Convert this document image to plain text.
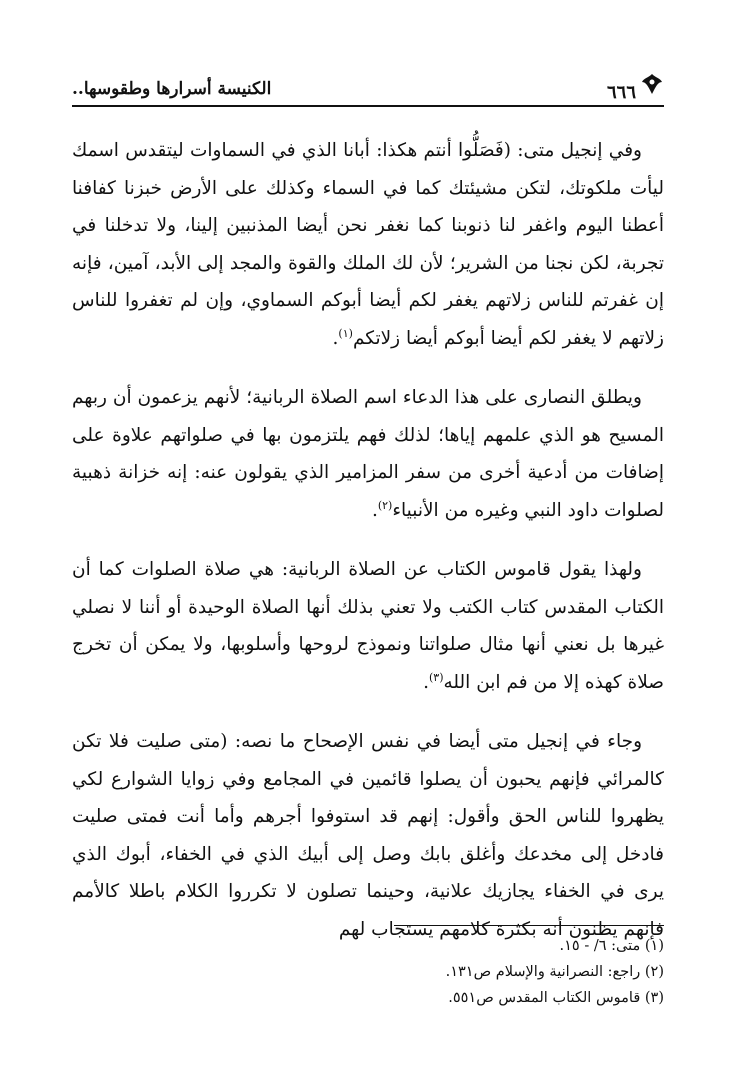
٦٦٦
الكنيسة أسرارها وطقوسها..

وفي إنجيل متى: (فَصَلُّوا أنتم هكذا: أبانا الذي في السماوات ليتقدس اسمك ليأت ملكوتك، لتكن مشيئتك كما في السماء وكذلك على الأرض خبزنا كفافنا أعطنا اليوم واغفر لنا ذنوبنا كما نغفر نحن أيضا المذنبين إلينا، ولا تدخلنا في تجربة، لكن نجنا من الشرير؛ لأن لك الملك والقوة والمجد إلى الأبد، آمين، فإنه إن غفرتم للناس زلاتهم يغفر لكم أيضا أبوكم السماوي، وإن لم تغفروا للناس زلاتهم لا يغفر لكم أيضا أبوكم أيضا زلاتكم$^{(١)}$.

ويطلق النصارى على هذا الدعاء اسم الصلاة الربانية؛ لأنهم يزعمون أن ربهم المسيح هو الذي علمهم إياها؛ لذلك فهم يلتزمون بها في صلواتهم علاوة على إضافات من أدعية أخرى من سفر المزامير الذي يقولون عنه: إنه خزانة ذهبية لصلوات داود النبي وغيره من الأنبياء$^{(٢)}$.

ولهذا يقول قاموس الكتاب عن الصلاة الربانية: هي صلاة الصلوات كما أن الكتاب المقدس كتاب الكتب ولا تعني بذلك أنها الصلاة الوحيدة أو أننا لا نصلي غيرها بل نعني أنها مثال صلواتنا ونموذج لروحها وأسلوبها، ولا يمكن أن تخرج صلاة كهذه إلا من فم ابن الله$^{(٣)}$.

وجاء في إنجيل متى أيضا في نفس الإصحاح ما نصه: (متى صليت فلا تكن كالمرائي فإنهم يحبون أن يصلوا قائمين في المجامع وفي زوايا الشوارع لكي يظهروا للناس الحق وأقول: إنهم قد استوفوا أجرهم وأما أنت فمتى صليت فادخل إلى مخدعك وأغلق بابك وصل إلى أبيك الذي في الخفاء، أبوك الذي يرى في الخفاء يجازيك علانية، وحينما تصلون لا تكرروا الكلام باطلا كالأمم فإنهم يظنون أنه بكثرة كلامهم يستجاب لهم

(١) متى: ٦/ - ١٥.

(٢) راجع: النصرانية والإسلام ص١٣١.

(٣) قاموس الكتاب المقدس ص٥٥١.
